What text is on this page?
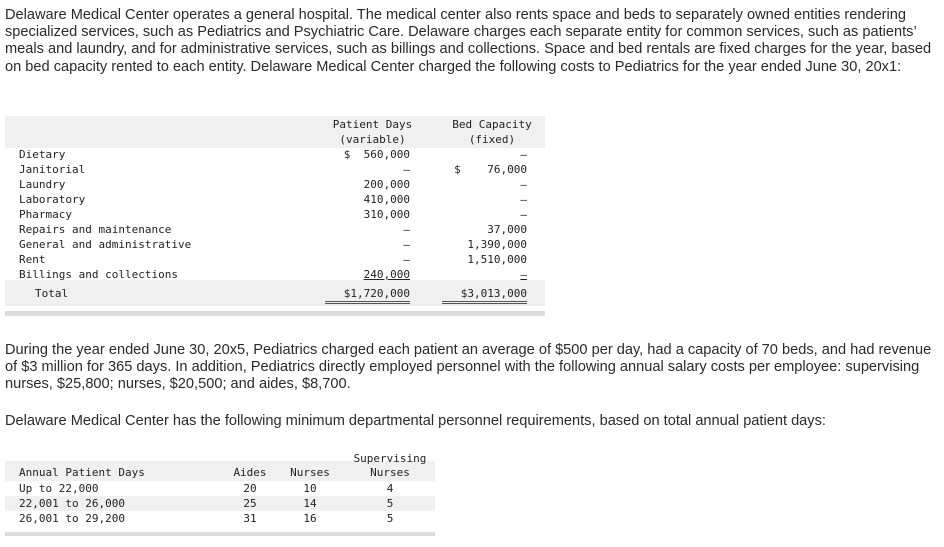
Delaware Medical Center operates a general hospital. The medical center also rents space and beds to separately owned entities rendering specialized services, such as Pediatrics and Psychiatric Care. Delaware charges each separate entity for common services, such as patients’ meals and laundry, and for administrative services, such as billings and collections. Space and bed rentals are fixed charges for the year, based on bed capacity rented to each entity. Delaware Medical Center charged the following costs to Pediatrics for the year ended June 30, 20x1:

Patient Days
(variable)
Bed Capacity
(fixed)
Dietary	$  560,000	–
Janitorial	–	$    76,000
Laundry	200,000	–
Laboratory	410,000	–
Pharmacy	310,000	–
Repairs and maintenance	–	37,000
General and administrative	–	1,390,000
Rent	–	1,510,000
Billings and collections	240,000	–
Total	$1,720,000	$3,013,000

During the year ended June 30, 20x5, Pediatrics charged each patient an average of $500 per day, had a capacity of 70 beds, and had revenue of $3 million for 365 days. In addition, Pediatrics directly employed personnel with the following annual salary costs per employee: supervising nurses, $25,800; nurses, $20,500; and aides, $8,700.

Delaware Medical Center has the following minimum departmental personnel requirements, based on total annual patient days:

Supervising
Annual Patient Days	Aides	Nurses	Nurses
Up to 22,000	20	10	4
22,001 to 26,000	25	14	5
26,001 to 29,200	31	16	5
